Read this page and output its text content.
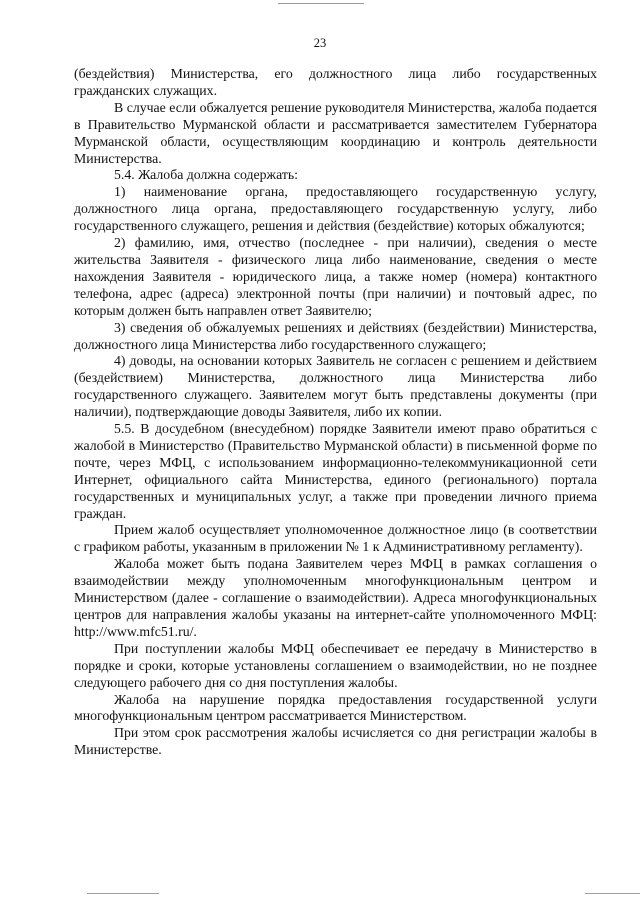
23

(бездействия) Министерства, его должностного лица либо государственных гражданских служащих.

В случае если обжалуется решение руководителя Министерства, жалоба подается в Правительство Мурманской области и рассматривается заместителем Губернатора Мурманской области, осуществляющим координацию и контроль деятельности Министерства.

5.4. Жалоба должна содержать:

1) наименование органа, предоставляющего государственную услугу, должностного лица органа, предоставляющего государственную услугу, либо государственного служащего, решения и действия (бездействие) которых обжалуются;

2) фамилию, имя, отчество (последнее - при наличии), сведения о месте жительства Заявителя - физического лица либо наименование, сведения о месте нахождения Заявителя - юридического лица, а также номер (номера) контактного телефона, адрес (адреса) электронной почты (при наличии) и почтовый адрес, по которым должен быть направлен ответ Заявителю;

3) сведения об обжалуемых решениях и действиях (бездействии) Министерства, должностного лица Министерства либо государственного служащего;

4) доводы, на основании которых Заявитель не согласен с решением и действием (бездействием) Министерства, должностного лица Министерства либо государственного служащего. Заявителем могут быть представлены документы (при наличии), подтверждающие доводы Заявителя, либо их копии.

5.5. В досудебном (внесудебном) порядке Заявители имеют право обратиться с жалобой в Министерство (Правительство Мурманской области) в письменной форме по почте, через МФЦ, с использованием информационно-телекоммуникационной сети Интернет, официального сайта Министерства, единого (регионального) портала государственных и муниципальных услуг, а также при проведении личного приема граждан.

Прием жалоб осуществляет уполномоченное должностное лицо (в соответствии с графиком работы, указанным в приложении № 1 к Административному регламенту).

Жалоба может быть подана Заявителем через МФЦ в рамках соглашения о взаимодействии между уполномоченным многофункциональным центром и Министерством (далее - соглашение о взаимодействии). Адреса многофункциональных центров для направления жалобы указаны на интернет-сайте уполномоченного МФЦ: http://www.mfc51.ru/.

При поступлении жалобы МФЦ обеспечивает ее передачу в Министерство в порядке и сроки, которые установлены соглашением о взаимодействии, но не позднее следующего рабочего дня со дня поступления жалобы.

Жалоба на нарушение порядка предоставления государственной услуги многофункциональным центром рассматривается Министерством.

При этом срок рассмотрения жалобы исчисляется со дня регистрации жалобы в Министерстве.
